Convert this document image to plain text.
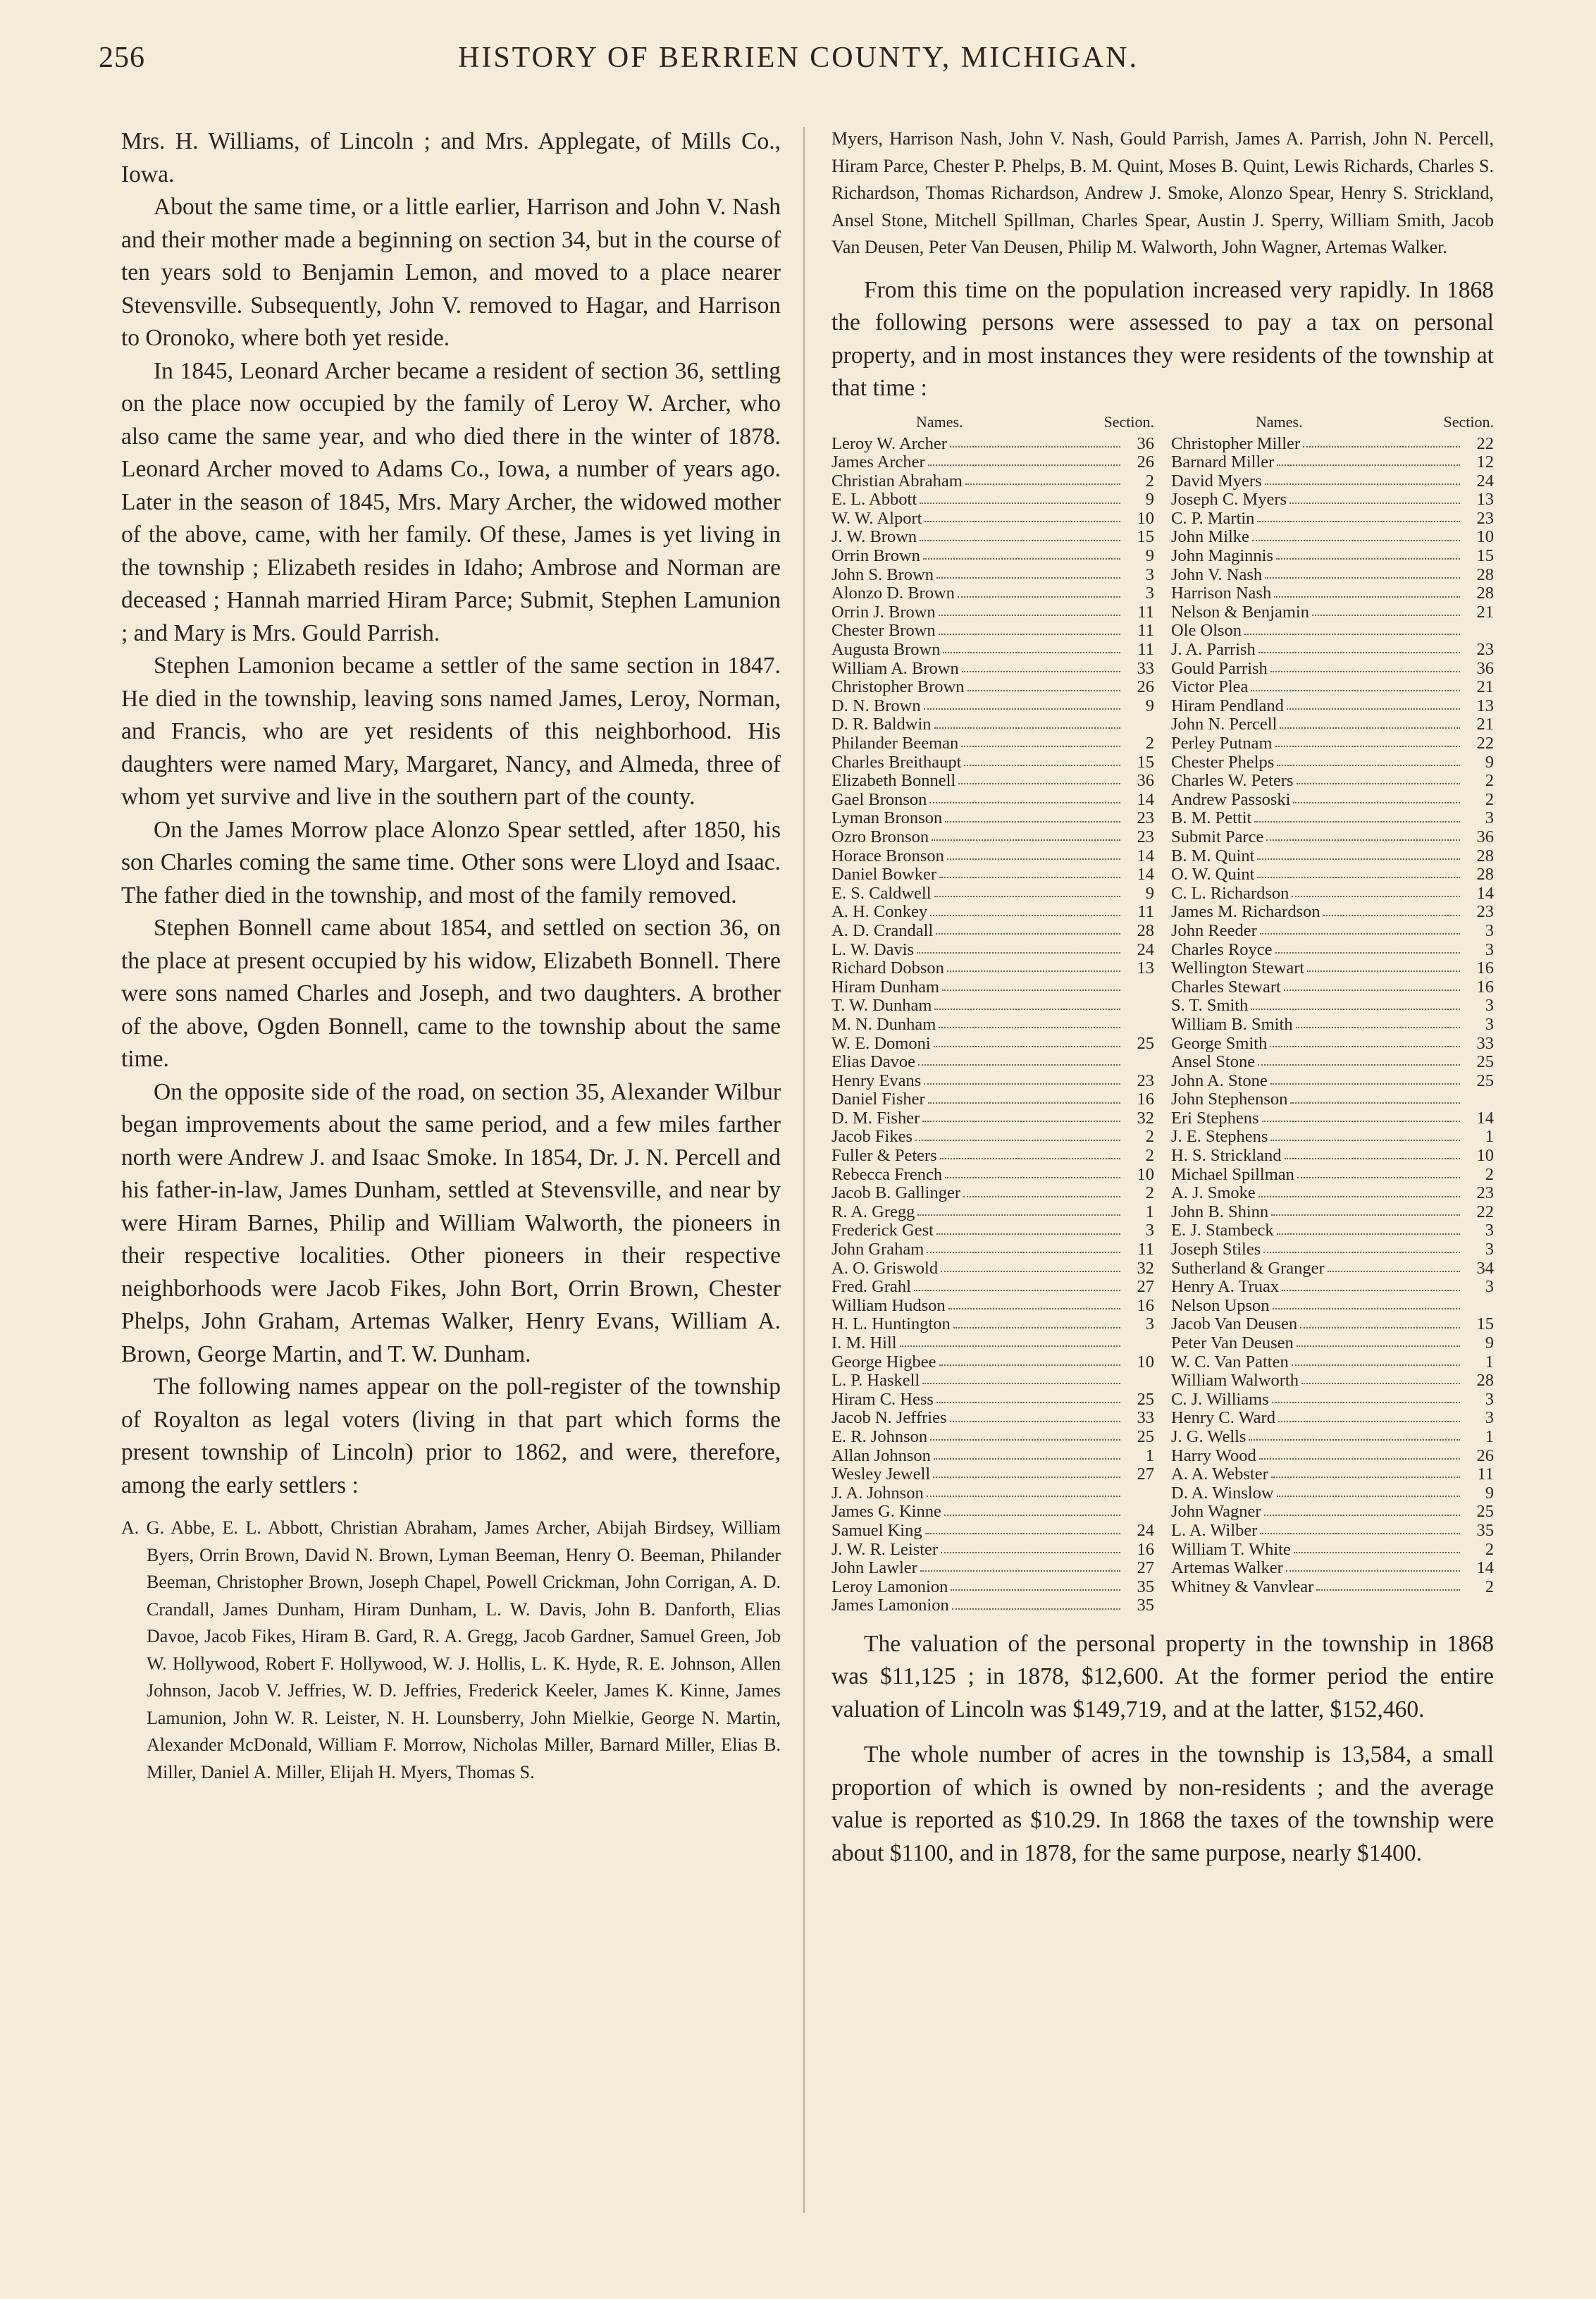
256	HISTORY OF BERRIEN COUNTY, MICHIGAN.

Mrs. H. Williams, of Lincoln ; and Mrs. Applegate, of Mills Co., Iowa.

About the same time, or a little earlier, Harrison and John V. Nash and their mother made a beginning on section 34, but in the course of ten years sold to Benjamin Lemon, and moved to a place nearer Stevensville. Subsequently, John V. removed to Hagar, and Harrison to Oronoko, where both yet reside.

In 1845, Leonard Archer became a resident of section 36, settling on the place now occupied by the family of Leroy W. Archer, who also came the same year, and who died there in the winter of 1878. Leonard Archer moved to Adams Co., Iowa, a number of years ago. Later in the season of 1845, Mrs. Mary Archer, the widowed mother of the above, came, with her family. Of these, James is yet living in the township ; Elizabeth resides in Idaho; Ambrose and Norman are deceased ; Hannah married Hiram Parce; Submit, Stephen Lamunion ; and Mary is Mrs. Gould Parrish.

Stephen Lamonion became a settler of the same section in 1847. He died in the township, leaving sons named James, Leroy, Norman, and Francis, who are yet residents of this neighborhood. His daughters were named Mary, Margaret, Nancy, and Almeda, three of whom yet survive and live in the southern part of the county.

On the James Morrow place Alonzo Spear settled, after 1850, his son Charles coming the same time. Other sons were Lloyd and Isaac. The father died in the township, and most of the family removed.

Stephen Bonnell came about 1854, and settled on section 36, on the place at present occupied by his widow, Elizabeth Bonnell. There were sons named Charles and Joseph, and two daughters. A brother of the above, Ogden Bonnell, came to the township about the same time.

On the opposite side of the road, on section 35, Alexander Wilbur began improvements about the same period, and a few miles farther north were Andrew J. and Isaac Smoke. In 1854, Dr. J. N. Percell and his father-in-law, James Dunham, settled at Stevensville, and near by were Hiram Barnes, Philip and William Walworth, the pioneers in their respective localities. Other pioneers in their respective neighborhoods were Jacob Fikes, John Bort, Orrin Brown, Chester Phelps, John Graham, Artemas Walker, Henry Evans, William A. Brown, George Martin, and T. W. Dunham.

The following names appear on the poll-register of the township of Royalton as legal voters (living in that part which forms the present township of Lincoln) prior to 1862, and were, therefore, among the early settlers :

A. G. Abbe, E. L. Abbott, Christian Abraham, James Archer, Abijah Birdsey, William Byers, Orrin Brown, David N. Brown, Lyman Beeman, Henry O. Beeman, Philander Beeman, Christopher Brown, Joseph Chapel, Powell Crickman, John Corrigan, A. D. Crandall, James Dunham, Hiram Dunham, L. W. Davis, John B. Danforth, Elias Davoe, Jacob Fikes, Hiram B. Gard, R. A. Gregg, Jacob Gardner, Samuel Green, Job W. Hollywood, Robert F. Hollywood, W. J. Hollis, L. K. Hyde, R. E. Johnson, Allen Johnson, Jacob V. Jeffries, W. D. Jeffries, Frederick Keeler, James K. Kinne, James Lamunion, John W. R. Leister, N. H. Lounsberry, John Mielkie, George N. Martin, Alexander McDonald, William F. Morrow, Nicholas Miller, Barnard Miller, Elias B. Miller, Daniel A. Miller, Elijah H. Myers, Thomas S.

Myers, Harrison Nash, John V. Nash, Gould Parrish, James A. Parrish, John N. Percell, Hiram Parce, Chester P. Phelps, B. M. Quint, Moses B. Quint, Lewis Richards, Charles S. Richardson, Thomas Richardson, Andrew J. Smoke, Alonzo Spear, Henry S. Strickland, Ansel Stone, Mitchell Spillman, Charles Spear, Austin J. Sperry, William Smith, Jacob Van Deusen, Peter Van Deusen, Philip M. Walworth, John Wagner, Artemas Walker.

From this time on the population increased very rapidly. In 1868 the following persons were assessed to pay a tax on personal property, and in most instances they were residents of the township at that time :

Names.	Section.
Leroy W. Archer	36
James Archer	26
Christian Abraham	2
E. L. Abbott	9
W. W. Alport	10
J. W. Brown	15
Orrin Brown	9
John S. Brown	3
Alonzo D. Brown	3
Orrin J. Brown	11
Chester Brown	11
Augusta Brown	11
William A. Brown	33
Christopher Brown	26
D. N. Brown	9
D. R. Baldwin
Philander Beeman	2
Charles Breithaupt	15
Elizabeth Bonnell	36
Gael Bronson	14
Lyman Bronson	23
Ozro Bronson	23
Horace Bronson	14
Daniel Bowker	14
E. S. Caldwell	9
A. H. Conkey	11
A. D. Crandall	28
L. W. Davis	24
Richard Dobson	13
Hiram Dunham
T. W. Dunham
M. N. Dunham
W. E. Domoni	25
Elias Davoe
Henry Evans	23
Daniel Fisher	16
D. M. Fisher	32
Jacob Fikes	2
Fuller & Peters	2
Rebecca French	10
Jacob B. Gallinger	2
R. A. Gregg	1
Frederick Gest	3
John Graham	11
A. O. Griswold	32
Fred. Grahl	27
William Hudson	16
H. L. Huntington	3
I. M. Hill
George Higbee	10
L. P. Haskell
Hiram C. Hess	25
Jacob N. Jeffries	33
E. R. Johnson	25
Allan Johnson	1
Wesley Jewell	27
J. A. Johnson
James G. Kinne
Samuel King	24
J. W. R. Leister	16
John Lawler	27
Leroy Lamonion	35
James Lamonion	35
Names.	Section.
Christopher Miller	22
Barnard Miller	12
David Myers	24
Joseph C. Myers	13
C. P. Martin	23
John Milke	10
John Maginnis	15
John V. Nash	28
Harrison Nash	28
Nelson & Benjamin	21
Ole Olson
J. A. Parrish	23
Gould Parrish	36
Victor Plea	21
Hiram Pendland	13
John N. Percell	21
Perley Putnam	22
Chester Phelps	9
Charles W. Peters	2
Andrew Passoski	2
B. M. Pettit	3
Submit Parce	36
B. M. Quint	28
O. W. Quint	28
C. L. Richardson	14
James M. Richardson	23
John Reeder	3
Charles Royce	3
Wellington Stewart	16
Charles Stewart	16
S. T. Smith	3
William B. Smith	3
George Smith	33
Ansel Stone	25
John A. Stone	25
John Stephenson
Eri Stephens	14
J. E. Stephens	1
H. S. Strickland	10
Michael Spillman	2
A. J. Smoke	23
John B. Shinn	22
E. J. Stambeck	3
Joseph Stiles	3
Sutherland & Granger	34
Henry A. Truax	3
Nelson Upson
Jacob Van Deusen	15
Peter Van Deusen	9
W. C. Van Patten	1
William Walworth	28
C. J. Williams	3
Henry C. Ward	3
J. G. Wells	1
Harry Wood	26
A. A. Webster	11
D. A. Winslow	9
John Wagner	25
L. A. Wilber	35
William T. White	2
Artemas Walker	14
Whitney & Vanvlear	2

The valuation of the personal property in the township in 1868 was $11,125 ; in 1878, $12,600. At the former period the entire valuation of Lincoln was $149,719, and at the latter, $152,460.

The whole number of acres in the township is 13,584, a small proportion of which is owned by non-residents ; and the average value is reported as $10.29. In 1868 the taxes of the township were about $1100, and in 1878, for the same purpose, nearly $1400.
